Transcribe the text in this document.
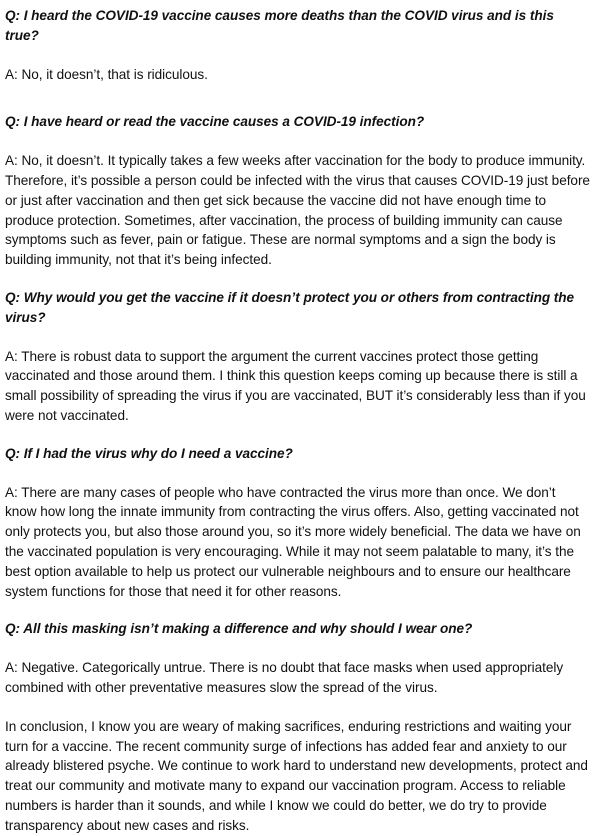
Q: I heard the COVID-19 vaccine causes more deaths than the COVID virus and is this true?

A: No, it doesn’t, that is ridiculous.

Q: I have heard or read the vaccine causes a COVID-19 infection?

A: No, it doesn’t. It typically takes a few weeks after vaccination for the body to produce immunity. Therefore, it’s possible a person could be infected with the virus that causes COVID-19 just before or just after vaccination and then get sick because the vaccine did not have enough time to produce protection. Sometimes, after vaccination, the process of building immunity can cause symptoms such as fever, pain or fatigue. These are normal symptoms and a sign the body is building immunity, not that it’s being infected.

Q: Why would you get the vaccine if it doesn’t protect you or others from contracting the virus?

A: There is robust data to support the argument the current vaccines protect those getting vaccinated and those around them. I think this question keeps coming up because there is still a small possibility of spreading the virus if you are vaccinated, BUT it’s considerably less than if you were not vaccinated.

Q: If I had the virus why do I need a vaccine?

A: There are many cases of people who have contracted the virus more than once. We don’t know how long the innate immunity from contracting the virus offers. Also, getting vaccinated not only protects you, but also those around you, so it’s more widely beneficial. The data we have on the vaccinated population is very encouraging. While it may not seem palatable to many, it’s the best option available to help us protect our vulnerable neighbours and to ensure our healthcare system functions for those that need it for other reasons.

Q: All this masking isn’t making a difference and why should I wear one?

A: Negative. Categorically untrue. There is no doubt that face masks when used appropriately combined with other preventative measures slow the spread of the virus.

In conclusion, I know you are weary of making sacrifices, enduring restrictions and waiting your turn for a vaccine. The recent community surge of infections has added fear and anxiety to our already blistered psyche. We continue to work hard to understand new developments, protect and treat our community and motivate many to expand our vaccination program. Access to reliable numbers is harder than it sounds, and while I know we could do better, we do try to provide transparency about new cases and risks.
